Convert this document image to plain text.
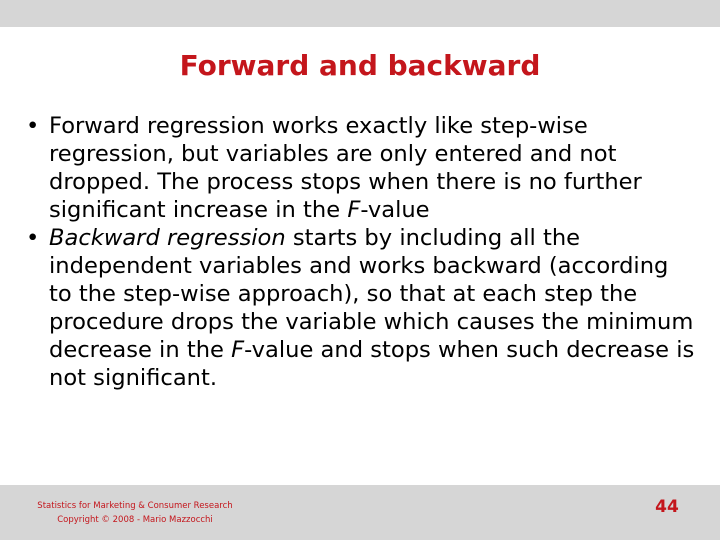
Forward and backward
• Forward regression works exactly like step-wise regression, but variables are only entered and not dropped. The process stops when there is no further significant increase in the F-value
• Backward regression starts by including all the independent variables and works backward (according to the step-wise approach), so that at each step the procedure drops the variable which causes the minimum decrease in the F-value and stops when such decrease is not significant.
Statistics for Marketing & Consumer Research
Copyright © 2008 - Mario Mazzocchi
44
